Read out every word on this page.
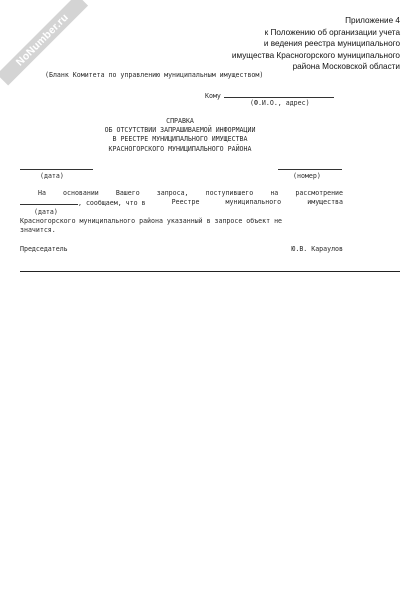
NoNumber.ru	Приложение 4
к Положению об организации учета
и ведения реестра муниципального
имущества Красногорского муниципального
района Московской области
(Бланк Комитета по управлению муниципальным имуществом)
Кому
(Ф.И.О., адрес)
СПРАВКА
ОБ ОТСУТСТВИИ ЗАПРАШИВАЕМОЙ ИНФОРМАЦИИ
В РЕЕСТРЕ МУНИЦИПАЛЬНОГО ИМУЩЕСТВА
КРАСНОГОРСКОГО МУНИЦИПАЛЬНОГО РАЙОНА
(дата)	(номер)
На	основании	Вашего	запроса,	поступившего	на	рассмотрение
, сообщаем, что в	Реестре	муниципального	имущества
(дата)
Красногорского муниципального района указанный в запросе объект не
значится.
Председатель	Ю.В. Караулов
